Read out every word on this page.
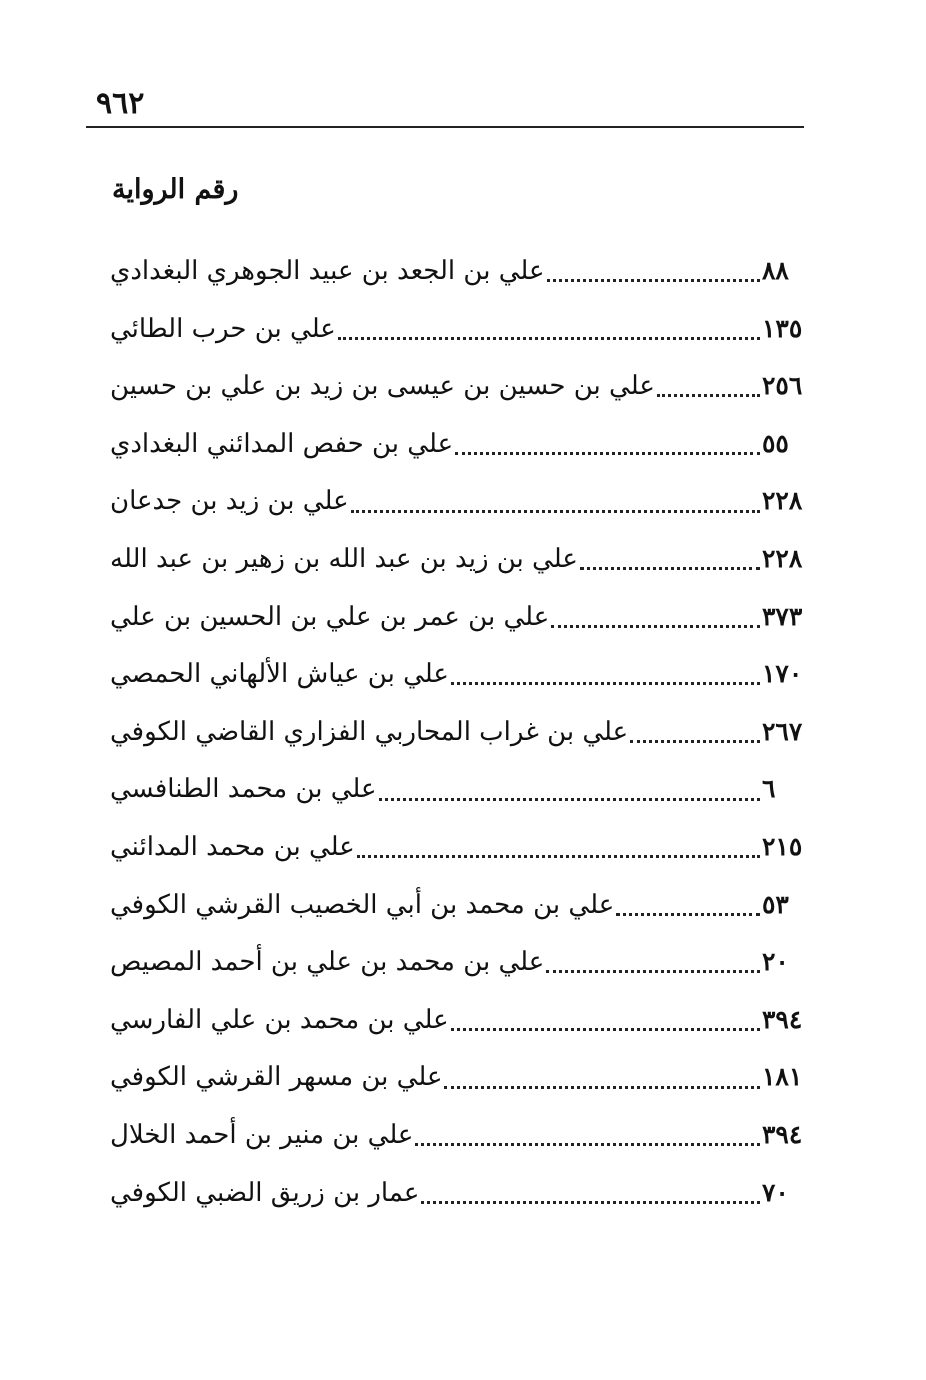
٩٦٢
رقم الرواية
علي بن الجعد بن عبيد الجوهري البغدادي	٨٨
علي بن حرب الطائي	١٣٥
علي بن حسين بن عيسى بن زيد بن علي بن حسين	٢٥٦
علي بن حفص المدائني البغدادي	٥٥
علي بن زيد بن جدعان	٢٢٨
علي بن زيد بن عبد الله بن زهير بن عبد الله	٢٢٨
علي بن عمر بن علي بن الحسين بن علي	٣٧٣
علي بن عياش الألهاني الحمصي	١٧٠
علي بن غراب المحاربي الفزاري القاضي الكوفي	٢٦٧
علي بن محمد الطنافسي	٦
علي بن محمد المدائني	٢١٥
علي بن محمد بن أبي الخصيب القرشي الكوفي	٥٣
علي بن محمد بن علي بن أحمد المصيص	٢٠
علي بن محمد بن علي الفارسي	٣٩٤
علي بن مسهر القرشي الكوفي	١٨١
علي بن منير بن أحمد الخلال	٣٩٤
عمار بن زريق الضبي الكوفي	٧٠
